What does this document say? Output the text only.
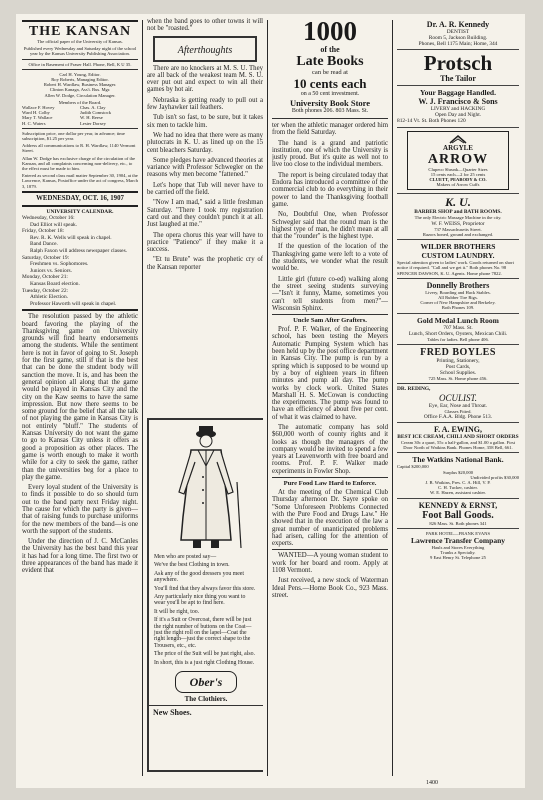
THE KANSAN

The official paper of the University of Kansas.

Published every Wednesday and Saturday night of the school year by the Kansas University Publishing Association.

Office in Basement of Fraser Hall. Phone, Bell, K U 35.

Carl H. Young, Editor.

Roy Roberts, Managing Editor.

Robert H. Wardlaw, Business Manager.

Clinton Kanaga, Ass't. Bus. Mgr.

Allen W. Dodge, Circulation Manager.

Members of the Board.

Wallace F. Hovey	Chas. A. Clay
Ward H. Colby	Judith Comstock
Mary T. Wallace	W. H. Reese
H. C. Waters	Lester Dorsey

Subscription price, one dollar per year, in advance; time subscription, $1.25 per year.

Address all communications to R. H. Wardlaw, 1140 Vermont Street.

Allan W. Dodge has exclusive charge of the circulation of the Kansan, and all complaints concerning non-delivery, etc., to the effect must be made to him.

Entered as second class mail matter September 30, 1904, at the Lawrence, Kansas, Postoffice under the act of congress, March 3, 1879.

WEDNESDAY, OCT. 16, 1907

UNIVERSITY CALENDAR.

Wednesday, October 16:

Dad Elliot will speak.

Friday, October 18:

Rev. R. K. Wells will speak in chapel.

Band Dance.

Ralph Faxon will address newspaper classes.

Saturday, October 19:

Freshmen vs. Sophomores.

Juniors vs. Seniors.

Monday, October 21:

Kansas Board election.

Tuesday, October 22:

Athletic Election.

Professor Haworth will speak in chapel.

The resolution passed by the athletic board favoring the playing of the Thanksgiving game on University grounds will find hearty endorsements among the students. While the sentiment here is not in favor of going to St. Joseph for the first game, still if that is the best that can be done the student body will sanction the move. It is, and has been the general opinion all along that the game would be played in Kansas City and the city on the Kaw seems to have the same impression. But now there seems to be some ground for the belief that all the talk of not playing the game in Kansas City is not entirely "bluff." The students of Kansas University do not want the game to go to Kansas City unless it offers as good a proposition as other places. The game is worth enough to make it worth while for a city to seek the game, rather than the universities beg for a place to play the game.

Every loyal student of the University is to finds it possible to do so should turn out to the band party next Friday night. The cause for which the party is given—that of raising funds to purchase uniforms for the new members of the band—is one worth the support of the students.

Under the direction of J. C. McCanles the University has the best band this year it has had for a long time. The first two or three appearances of the band has made it evident that

when the band goes to other towns it will not be "roasted."

Afterthoughts

There are no knockers at M. S. U. They are all back of the weakest team M. S. U. ever put out and expect to win all their games by hot air.

Nebraska is getting ready to pull out a few Jayhawker tail feathers.

Tub isn't so fast, to be sure, but it takes six men to tackle him.

We had no idea that there were as many plutocrats in K. U. as lined up on the 15 cent bleachers Saturday.

Some pledges have advanced theories at variance with Professor Schwegler on the reasons why men become "fattened."

Let's hope that Tub will never have to be carried off the field.

"Now I am mad," said a little freshman Saturday. "There I took my registration card out and they couldn't punch it at all. Just laughed at me."

The opera chorus this year will have to practice "Patience" if they make it a success.

"Et tu Brute" was the prophetic cry of the Kansan reporter

Men who are posted say—

We've the best Clothing in town.

Ask any of the good dressers you meet anywhere.

You'll find that they always favor this store.

Any particularly nice thing you want to wear you'll be apt to find here.

It will be right, too.

If it's a Suit or Overcoat, there will be just the right number of buttons on the Coat—just the right roll on the lapel—Coat the right length—just the correct shape to the Trousers, etc., etc.

The price of the Suit will be just right, also.

In short, this is a just right Clothing House.

Ober's

The Clothiers.

New Shoes.

1000
of the
Late Books
can be read at
10 cents each
on a 50 cent investment.
University Book Store
Both phones 206. 803 Mass. St.

ter when the athletic manager ordered him from the field Saturday.

The hand is a grand and patriotic institution, one of which the University is justly proud. But it's quite as well not to live too close to the individual members.

The report is being circulated today that Endora has introduced a committee of the commercial club to do everything in their power to land the Thanksgiving football game.

No, Doubtful One, when Professor Schwegler said that the round man is the highest type of man, he didn't mean at all that the "rounder" is the highest type.

If the question of the location of the Thanksgiving game were left to a vote of the students, we wonder what the result would be.

Little girl (future co-ed) walking along the street seeing students surveying—"Isn't it funny, Mame, sometimes you can't tell students from men?"—Wisconsin Sphinx.

Uncle Sam After Grafters.

Prof. P. F. Walker, of the Engineering school, has been testing the Meyers Automatic Pumping System which has been held up by the post office department in Kansas City. The pump is run by a spring which is supposed to be wound up by a boy of eighteen years in fifteen minutes and pump all day. The pump works by clock work. United States Marshall H. S. McCowan is conducting the experiments. The pump was found to have an efficiency of about five per cent. of what it was claimed to have.

The automatic company has sold $60,000 worth of county rights and it looks as though the managers of the company would be invited to spend a few years at Leavenworth with free board and rooms. Prof. P. F. Walker made experiments in Fowler Shop.

Pure Food Law Hard to Enforce.

At the meeting of the Chemical Club Thursday afternoon Dr. Sayre spoke on "Some Unforeseen Problems Connected with the Pure Food and Drugs Law." He showed that in the execution of the law a great number of unanticipated problems had arisen, calling for the attention of experts.

WANTED—A young woman student to work for her board and room. Apply at 1108 Vermont.

Just received, a new stock of Waterman Ideal Pens.—Home Book Co., 923 Mass. street.

Dr. A. R. Kennedy

DENTIST

Room 5, Jackson Building.

Phones, Bell 1175 Main; Home, 344

Protsch

The Tailor

Your Baggage Handled.

W. J. Francisco & Sons

LIVERY and HACKING

Open Day and Night.

812-14 Vt. St. Both Phones 120

ARGYLE

ARROW

Clupeco Shrunk—Quarter Sizes

15 cents each—2 for 25 cents

CLUETT, PEABODY & CO.

Makers of Arrow Cuffs

K. U.

BARBER SHOP and BATH ROOMS.

The only Electric Massage Machine in the city.

W. F. WEISS, Proprietor

737 Massachusetts Street.

Razors honed, ground and exchanged.

WILDER BROTHERS

CUSTOM LAUNDRY.

Special attention given to ladies' work. Goods returned on short notice if required. "Call and we get it." Both phones No. 98 SPENCER DAWSON, K. U. Agents. Home phone 7822.

Donnelly Brothers

Livery, Boarding and Hack Stables.

All Rubber Tire Rigs.

Corner of New Hampshire and Berkeley.

Both Phones 109.

Gold Medal Lunch Room

707 Mass. St.

Lunch, Short Orders, Oysters, Mexican Chili.

Tables for ladies. Bell phone 406.

FRED BOYLES

Printing, Stationery,

Post Cards,

School Supplies.

725 Mass. St. Home phone 456.

DR. REDING,

OCULIST.

Eye, Ear, Nose and Throat.

Glasses Fitted.

Office F.A.A. Bldg. Phone 513.

F. A. EWING,

BEST ICE CREAM, CHILI AND SHORT ORDERS

Cream 30c a quart, 55c a half-gallon, and $1.00 a gallon. First Door North of Watkins Bank. Phones Home, 358 Bell, 661.

The Watkins National Bank.

Capital $200,000

Surplus $20,000

Undivided profits $30,000

J. B. Watkins, Pres. C. A. Hill, V. P.

C. H. Tucker, cashier.

W. E. Hazen, assistant cashier.

KENNEDY & ERNST,

Foot Ball Goods.

826 Mass. St. Both phones 341

PARK HOTEL—FRANK EVANS

Lawrence Transfer Company

Hauls and Stores Everything

Trunks a Specialty.

9 East Henry St. Telephone 25

1400
